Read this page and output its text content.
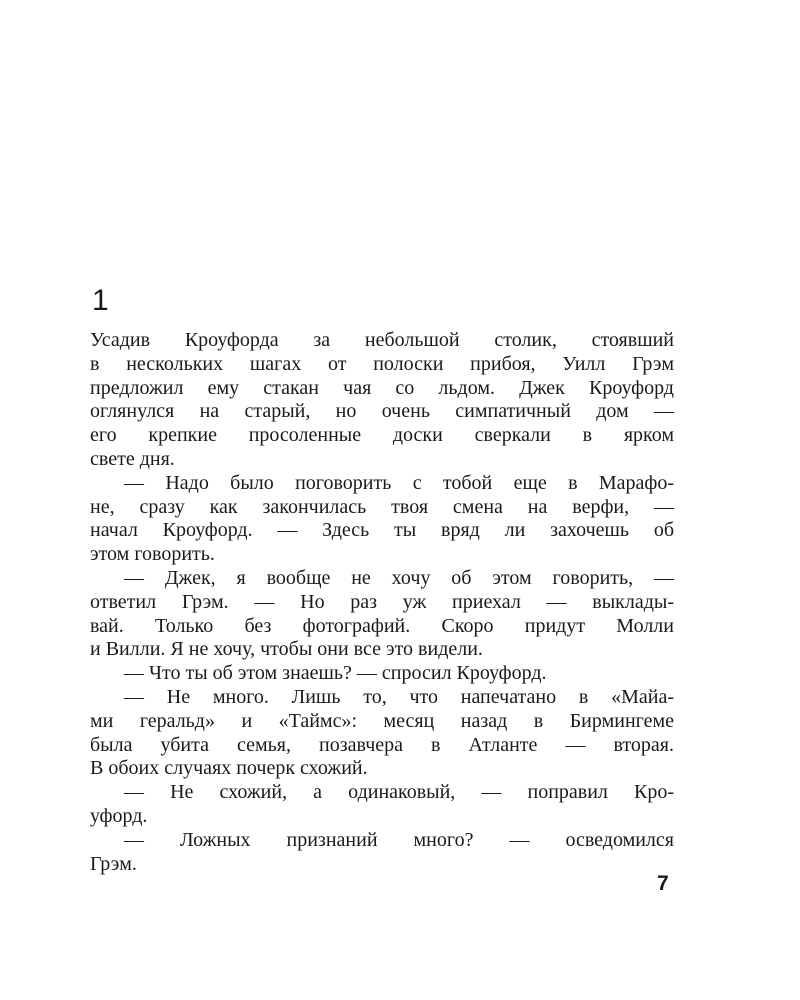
1
Усадив Кроуфорда за небольшой столик, стоявший
в нескольких шагах от полоски прибоя, Уилл Грэм
предложил ему стакан чая со льдом. Джек Кроуфорд
оглянулся на старый, но очень симпатичный дом —
его крепкие просоленные доски сверкали в ярком
свете дня.
— Надо было поговорить с тобой еще в Марафо-
не, сразу как закончилась твоя смена на верфи, —
начал Кроуфорд. — Здесь ты вряд ли захочешь об
этом говорить.
— Джек, я вообще не хочу об этом говорить, —
ответил Грэм. — Но раз уж приехал — выклады-
вай. Только без фотографий. Скоро придут Молли
и Вилли. Я не хочу, чтобы они все это видели.
— Что ты об этом знаешь? — спросил Кроуфорд.
— Не много. Лишь то, что напечатано в «Майа-
ми геральд» и «Таймс»: месяц назад в Бирмингеме
была убита семья, позавчера в Атланте — вторая.
В обоих случаях почерк схожий.
— Не схожий, а одинаковый, — поправил Кро-
уфорд.
— Ложных признаний много? — осведомился
Грэм.
7
